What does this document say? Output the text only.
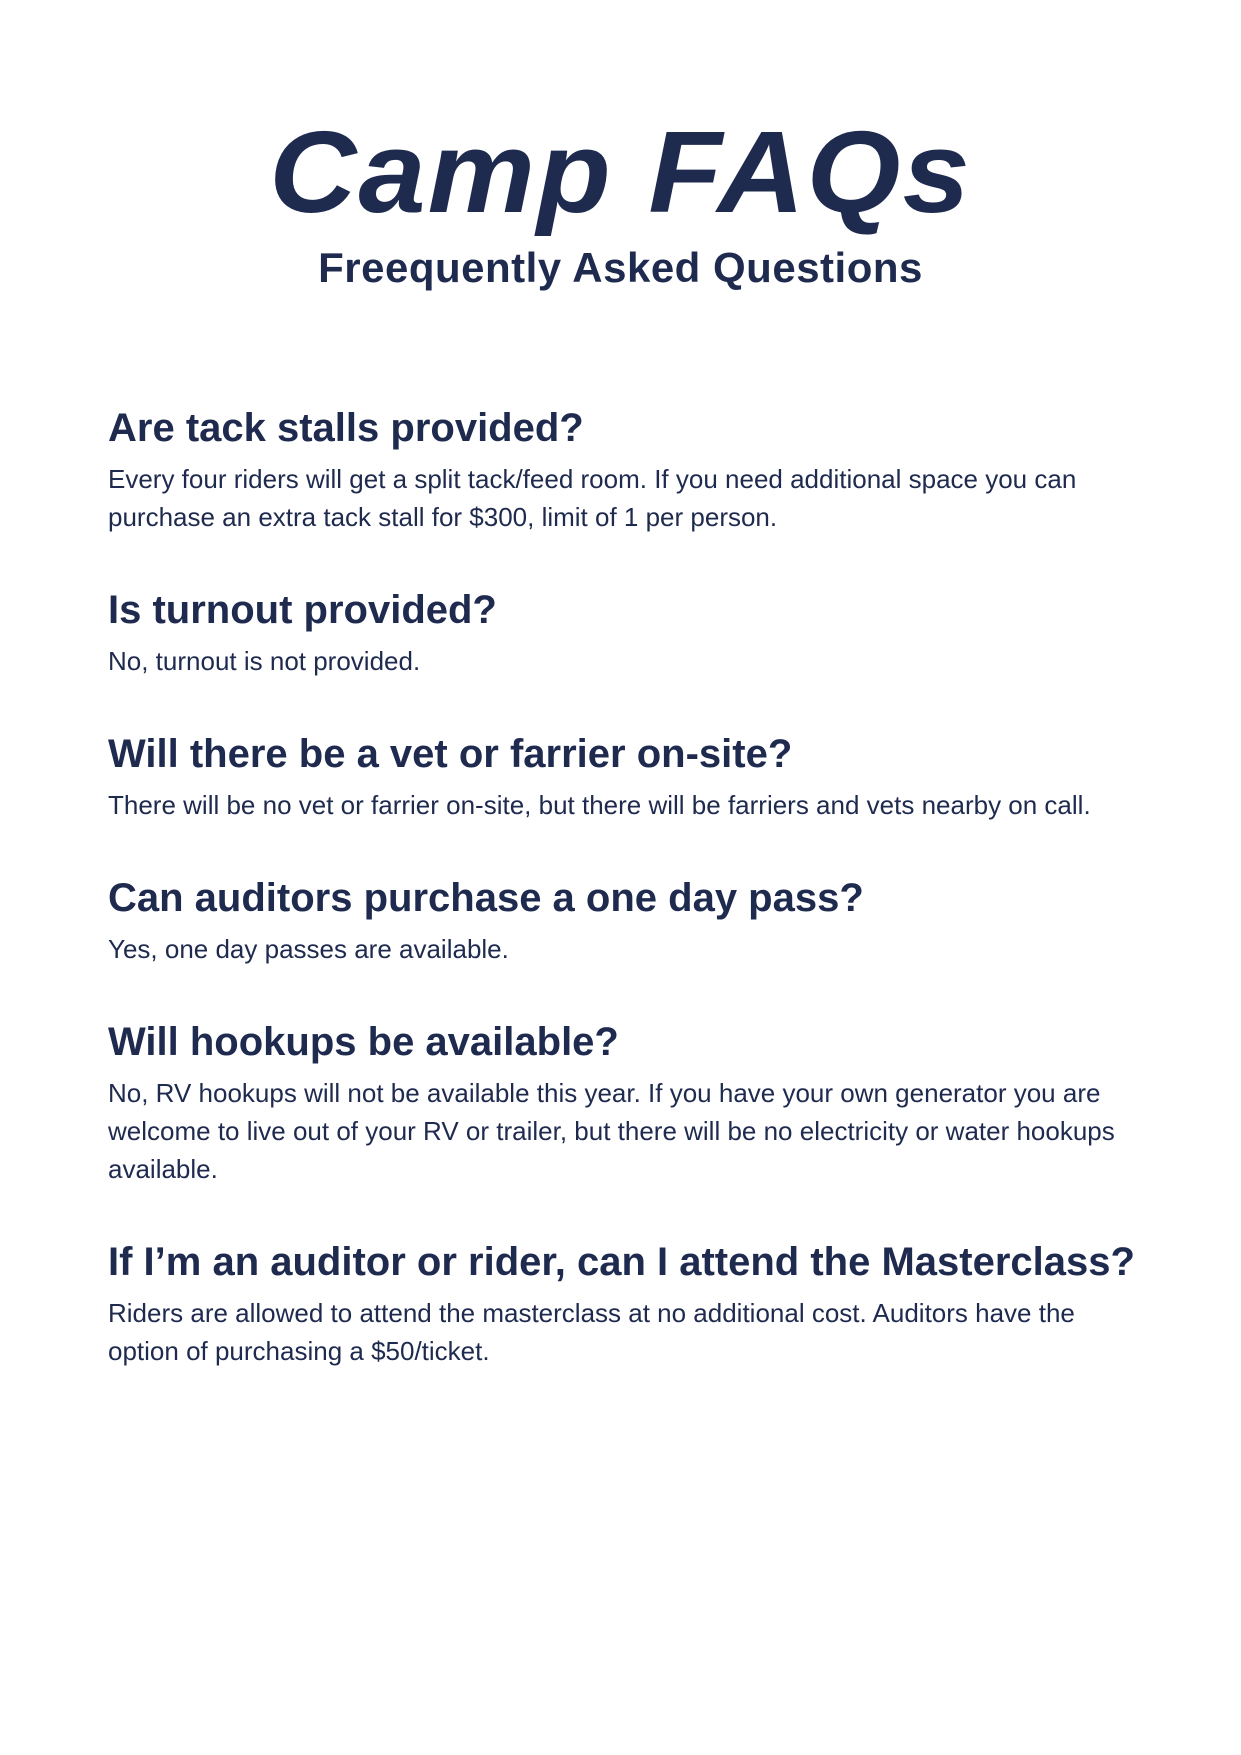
Camp FAQs
Freequently Asked Questions
Are tack stalls provided?

Every four riders will get a split tack/feed room. If you need additional space you can purchase an extra tack stall for $300, limit of 1 per person.

Is turnout provided?

No, turnout is not provided.

Will there be a vet or farrier on-site?

There will be no vet or farrier on-site, but there will be farriers and vets nearby on call.

Can auditors purchase a one day pass?

Yes, one day passes are available.

Will hookups be available?

No, RV hookups will not be available this year. If you have your own generator you are welcome to live out of your RV or trailer, but there will be no electricity or water hookups available.

If I’m an auditor or rider, can I attend the Masterclass?

Riders are allowed to attend the masterclass at no additional cost. Auditors have the option of purchasing a $50/ticket.
